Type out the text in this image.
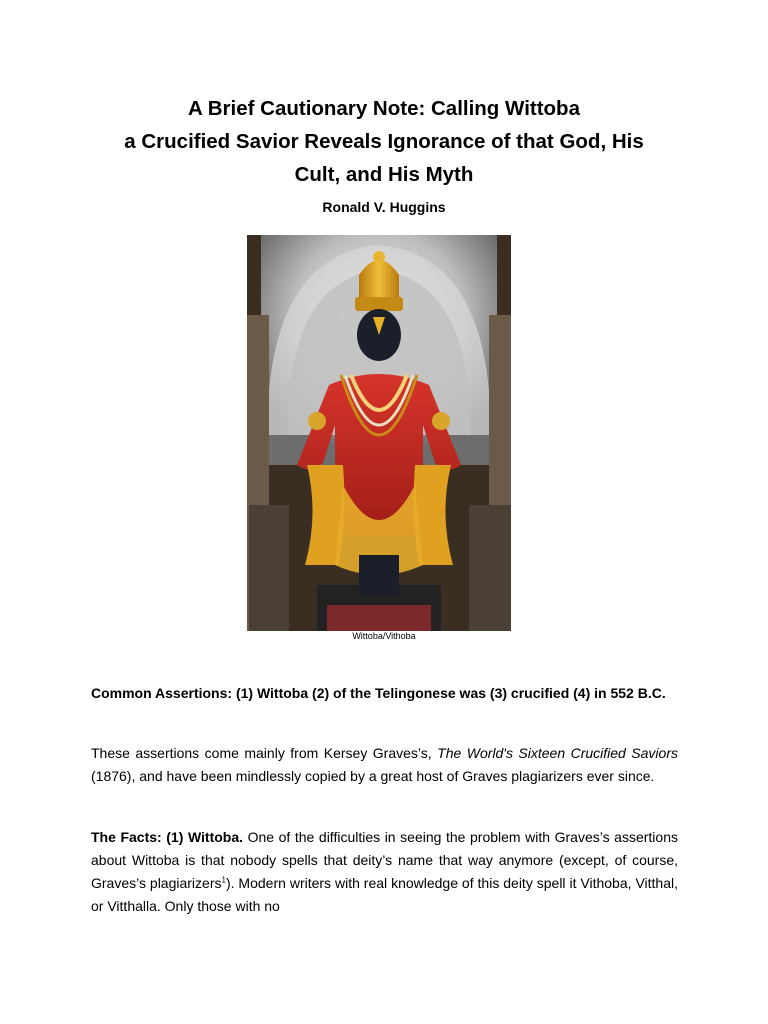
A Brief Cautionary Note: Calling Wittoba
a Crucified Savior Reveals Ignorance of that God, His
Cult, and His Myth
Ronald V. Huggins
Wittoba/Vithoba
Common Assertions: (1) Wittoba (2) of the Telingonese was (3) crucified (4) in 552 B.C.
These assertions come mainly from Kersey Graves’s, The World's Sixteen Crucified Saviors (1876), and have been mindlessly copied by a great host of Graves plagiarizers ever since.
The Facts: (1) Wittoba. One of the difficulties in seeing the problem with Graves’s assertions about Wittoba is that nobody spells that deity’s name that way anymore (except, of course, Graves’s plagiarizers$^1$). Modern writers with real knowledge of this deity spell it Vithoba, Vitthal, or Vitthalla. Only those with no
